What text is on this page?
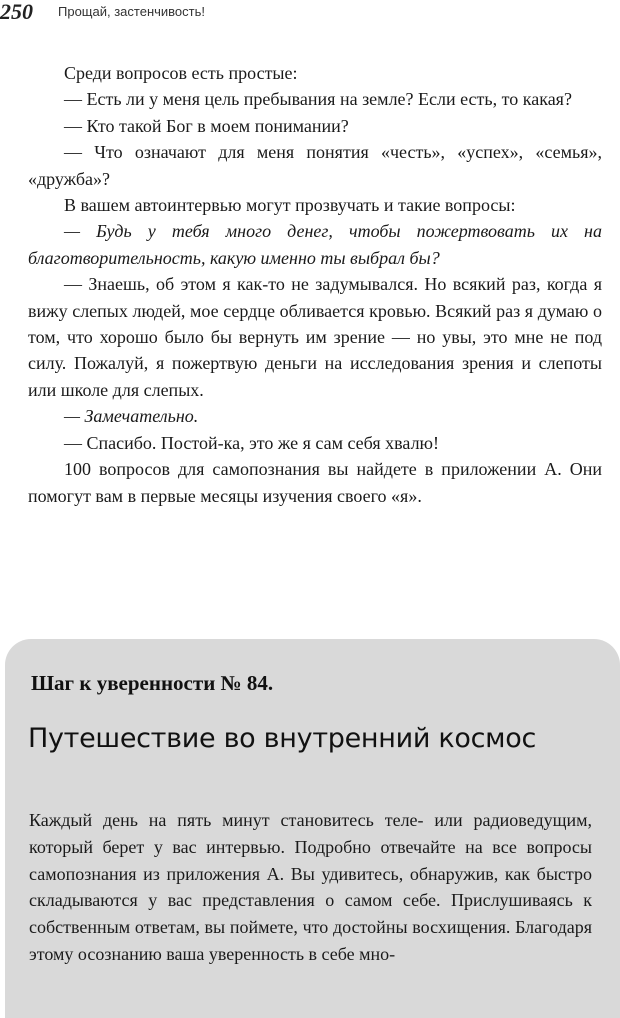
250 Прощай, застенчивость!

Среди вопросов есть простые:

— Есть ли у меня цель пребывания на земле? Если есть, то какая?

— Кто такой Бог в моем понимании?

— Что означают для меня понятия «честь», «успех», «семья», «дружба»?

В вашем автоинтервью могут прозвучать и такие вопросы:

— Будь у тебя много денег, чтобы пожертвовать их на благотворительность, какую именно ты выбрал бы?

— Знаешь, об этом я как-то не задумывался. Но всякий раз, когда я вижу слепых людей, мое сердце обливается кровью. Всякий раз я думаю о том, что хорошо было бы вернуть им зрение — но увы, это мне не под силу. Пожалуй, я пожертвую деньги на исследования зрения и слепоты или школе для слепых.

— Замечательно.

— Спасибо. Постой-ка, это же я сам себя хвалю!

100 вопросов для самопознания вы найдете в приложении А. Они помогут вам в первые месяцы изучения своего «я».

Шаг к уверенности № 84.
Путешествие во внутренний космос

Каждый день на пять минут становитесь теле- или радиоведущим, который берет у вас интервью. Подробно отвечайте на все вопросы самопознания из приложения А. Вы удивитесь, обнаружив, как быстро складываются у вас представления о самом себе. Прислушиваясь к собственным ответам, вы поймете, что достойны восхищения. Благодаря этому осознанию ваша уверенность в себе мно-
